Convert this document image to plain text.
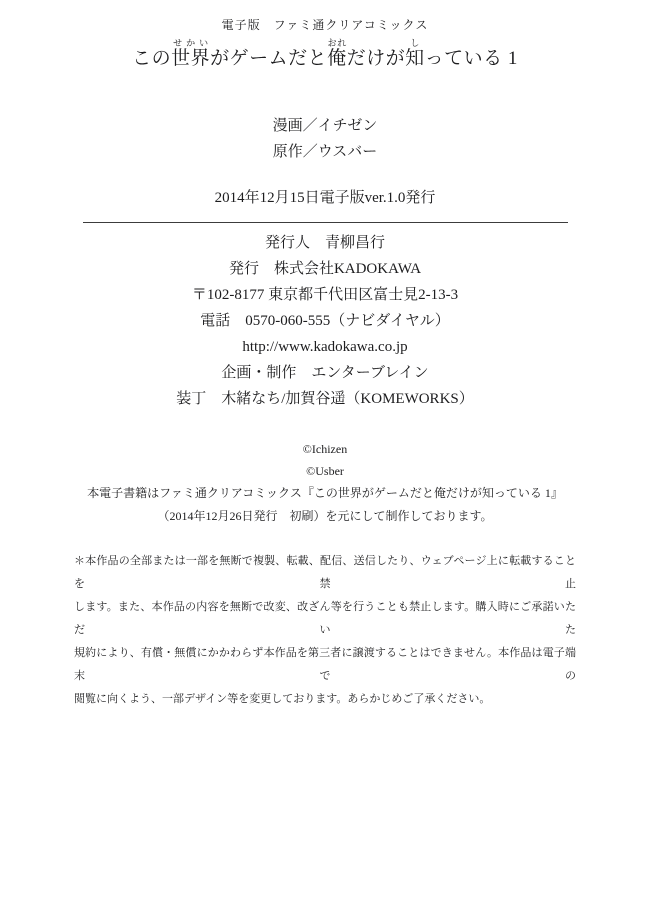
電子版　ファミ通クリアコミックス
この世界せかいがゲームだと俺おれだけが知しっている 1
漫画／イチゼン
原作／ウスバー
2014年12月15日電子版ver.1.0発行
発行人　青柳昌行
発行　株式会社KADOKAWA
〒102-8177 東京都千代田区富士見2-13-3
電話　0570-060-555（ナビダイヤル）
http://www.kadokawa.co.jp
企画・制作　エンターブレイン
装丁　木緒なち/加賀谷遥（KOMEWORKS）
©Ichizen
©Usber
本電子書籍はファミ通クリアコミックス『この世界がゲームだと俺だけが知っている 1』
（2014年12月26日発行　初刷）を元にして制作しております。
＊本作品の全部または一部を無断で複製、転載、配信、送信したり、ウェブページ上に転載することを禁止
します。また、本作品の内容を無断で改変、改ざん等を行うことも禁止します。購入時にご承諾いただいた
規約により、有償・無償にかかわらず本作品を第三者に譲渡することはできません。本作品は電子端末での
閲覧に向くよう、一部デザイン等を変更しております。あらかじめご了承ください。
